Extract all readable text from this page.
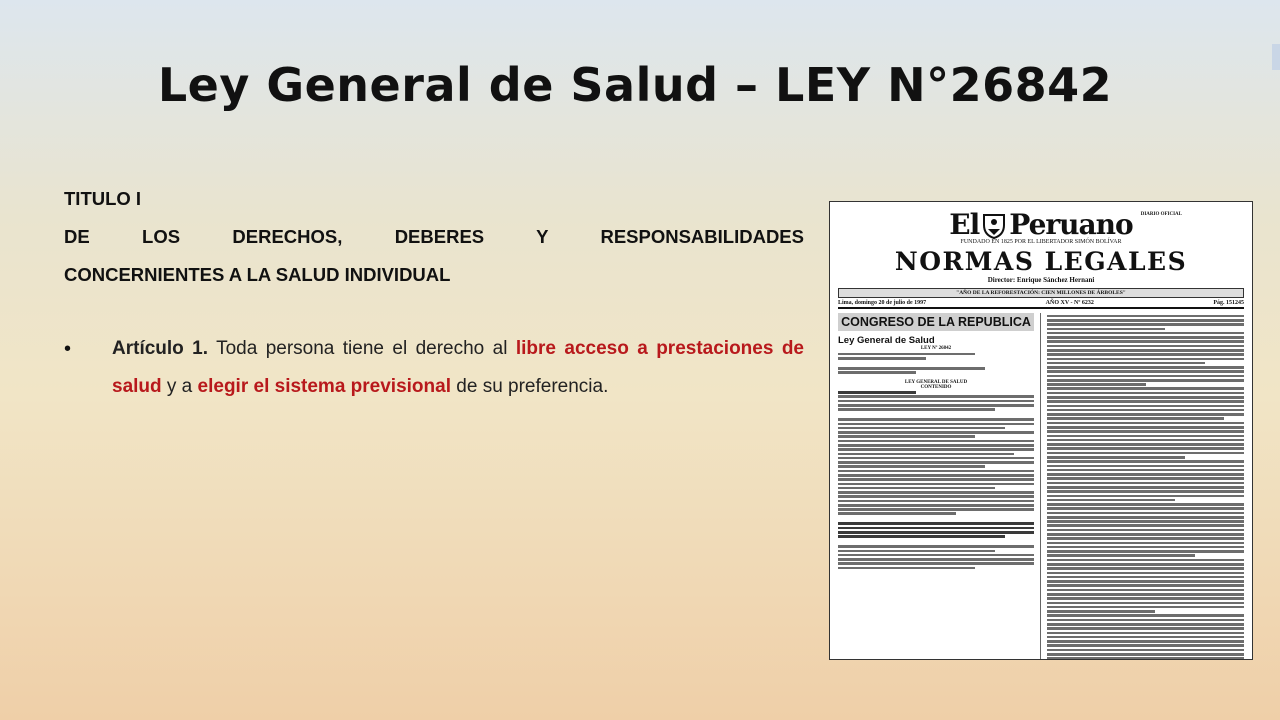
Ley General de Salud – LEY N°26842
TITULO I
DE LOS DERECHOS, DEBERES Y RESPONSABILIDADES
CONCERNIENTES A LA SALUD INDIVIDUAL
• Artículo 1. Toda persona tiene el derecho al libre acceso a prestaciones de salud y a elegir el sistema previsional de su preferencia.
DIARIO OFICIAL
El Peruano
FUNDADO EN 1825 POR EL LIBERTADOR SIMÓN BOLÍVAR
NORMAS LEGALES
Director: Enrique Sánchez Hernani
"AÑO DE LA REFORESTACIÓN: CIEN MILLONES DE ÁRBOLES"
Lima, domingo 20 de julio de 1997	AÑO XV - Nº 6232	Pág. 151245
CONGRESO DE LA REPUBLICA
Ley General de Salud
LEY Nº 26842
LEY GENERAL DE SALUD
CONTENIDO
